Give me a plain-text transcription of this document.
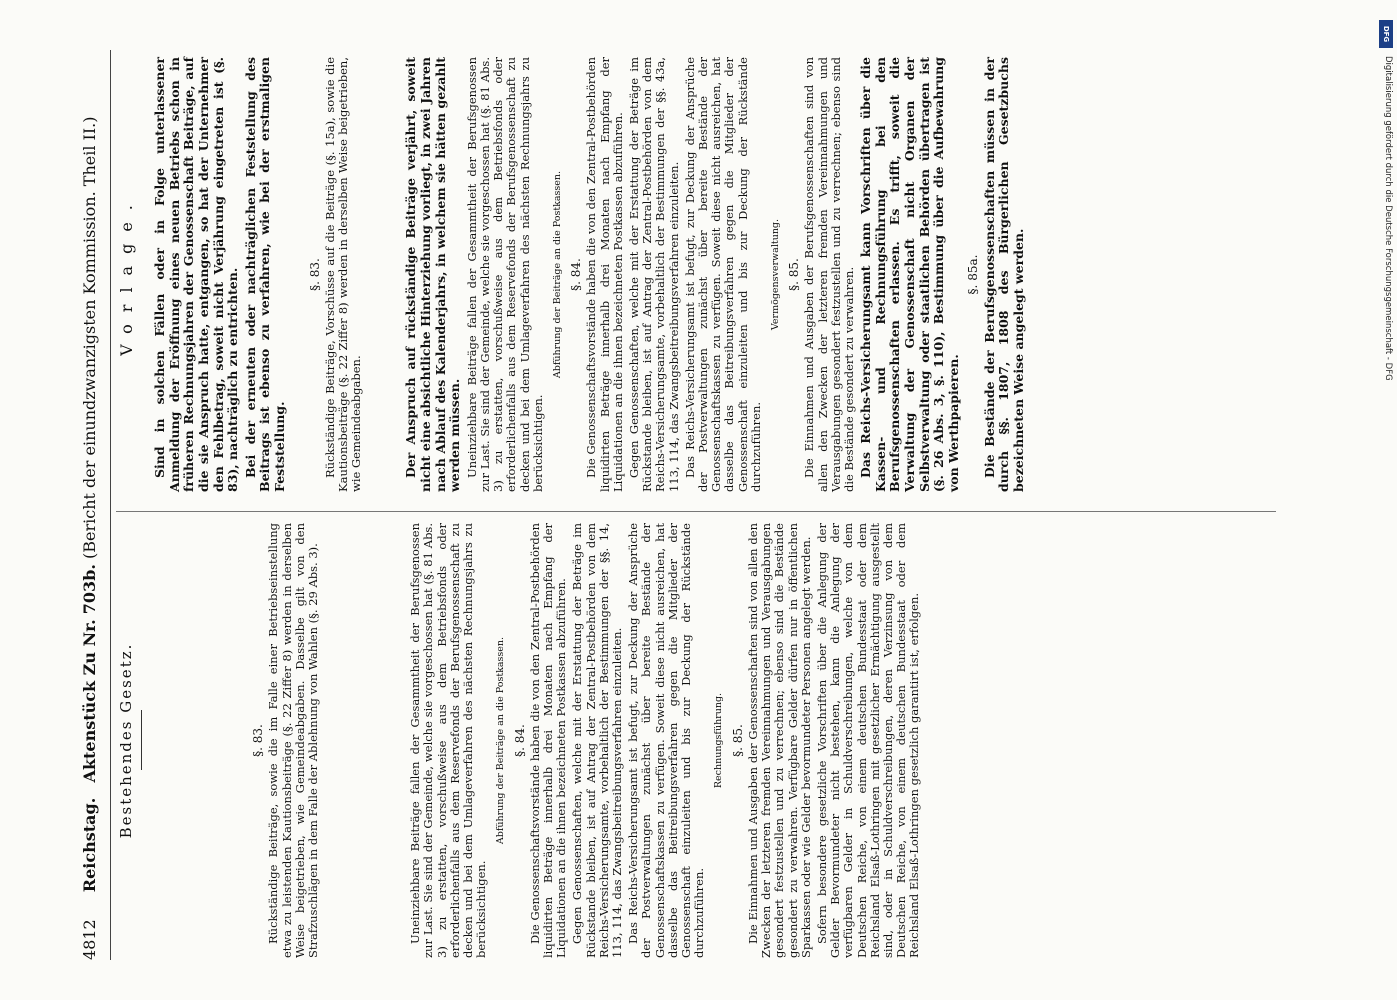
4812 Reichstag.   Aktenstück Zu Nr. 703b. (Bericht der einundzwanzigsten Kommission. Theil II.)
Bestehendes Gesetz.	§. 83. Rückständige Beiträge, sowie die im Falle einer Betriebseinstellung etwa zu leistenden Kautionsbeiträge (§. 22 Ziffer 8) werden in derselben Weise beigetrieben, wie Gemeindeabgaben. Dasselbe gilt von den Strafzuschlägen in dem Falle der Ablehnung von Wahlen (§. 29 Abs. 3).	Uneinziehbare Beiträge fallen der Gesammtheit der Berufsgenossen zur Last. Sie sind der Gemeinde, welche sie vorgeschossen hat (§. 81 Abs. 3) zu erstatten, vorschußweise aus dem Betriebsfonds oder erforderlichenfalls aus dem Reservefonds der Berufsgenossenschaft zu decken und bei dem Umlageverfahren des nächsten Rechnungsjahrs zu berücksichtigen.

Abführung der Beiträge an die Postkassen. §. 84. Die Genossenschaftsvorstände haben die von den Zentral-Postbehörden liquidirten Beträge innerhalb drei Monaten nach Empfang der Liquidationen an die ihnen bezeichneten Postkassen abzuführen. Gegen Genossenschaften, welche mit der Erstattung der Beträge im Rückstande bleiben, ist auf Antrag der Zentral-Postbehörden von dem Reichs-Versicherungsamte, vorbehaltlich der Bestimmungen der §§. 14, 113, 114, das Zwangsbeitreibungsverfahren einzuleiten. Das Reichs-Versicherungsamt ist befugt, zur Deckung der Ansprüche der Postverwaltungen zunächst über bereite Bestände der Genossenschaftskassen zu verfügen. Soweit diese nicht ausreichen, hat dasselbe das Beitreibungsverfahren gegen die Mitglieder der Genossenschaft einzuleiten und bis zur Deckung der Rückstände durchzuführen.

Rechnungsführung. §. 85. Die Einnahmen und Ausgaben der Genossenschaften sind von allen den Zwecken der letzteren fremden Vereinnahmungen und Verausgabungen gesondert festzustellen und zu verrechnen; ebenso sind die Bestände gesondert zu verwahren. Verfügbare Gelder dürfen nur in öffentlichen Sparkassen oder wie Gelder bevormundeter Personen angelegt werden. Sofern besondere gesetzliche Vorschriften über die Anlegung der Gelder Bevormundeter nicht bestehen, kann die Anlegung der verfügbaren Gelder in Schuldverschreibungen, welche von dem Deutschen Reiche, von einem deutschen Bundesstaat oder dem Reichsland Elsaß-Lothringen mit gesetzlicher Ermächtigung ausgestellt sind, oder in Schuldverschreibungen, deren Verzinsung von dem Deutschen Reiche, von einem deutschen Bundesstaat oder dem Reichsland Elsaß-Lothringen gesetzlich garantirt ist, erfolgen.

Vorlage. Sind in solchen Fällen oder in Folge unterlassener Anmeldung der Eröffnung eines neuen Betriebs schon in früheren Rechnungsjahren der Genossenschaft Beiträge, auf die sie Anspruch hatte, entgangen, so hat der Unternehmer den Fehlbetrag, soweit nicht Verjährung eingetreten ist (§. 83), nachträglich zu entrichten. Bei der erneuten oder nachträglichen Feststellung des Beitrags ist ebenso zu verfahren, wie bei der erstmaligen Feststellung.

§. 83. Rückständige Beiträge, Vorschüsse auf die Beiträge (§. 15a), sowie die Kautionsbeiträge (§. 22 Ziffer 8) werden in derselben Weise beigetrieben, wie Gemeindeabgaben.	Der Anspruch auf rückständige Beiträge verjährt, soweit nicht eine absichtliche Hinterziehung vorliegt, in zwei Jahren nach Ablauf des Kalenderjahrs, in welchem sie hätten gezahlt werden müssen. Uneinziehbare Beiträge fallen der Gesammtheit der Berufsgenossen zur Last. Sie sind der Gemeinde, welche sie vorgeschossen hat (§. 81 Abs. 3) zu erstatten, vorschußweise aus dem Betriebsfonds oder erforderlichenfalls aus dem Reservefonds der Berufsgenossenschaft zu decken und bei dem Umlageverfahren des nächsten Rechnungsjahrs zu berücksichtigen.

Abführung der Beiträge an die Postkassen. §. 84. Die Genossenschaftsvorstände haben die von den Zentral-Postbehörden liquidirten Beträge innerhalb drei Monaten nach Empfang der Liquidationen an die ihnen bezeichneten Postkassen abzuführen. Gegen Genossenschaften, welche mit der Erstattung der Beträge im Rückstande bleiben, ist auf Antrag der Zentral-Postbehörden von dem Reichs-Versicherungsamte, vorbehaltlich der Bestimmungen der §§. 43a, 113, 114, das Zwangsbeitreibungsverfahren einzuleiten. Das Reichs-Versicherungsamt ist befugt, zur Deckung der Ansprüche der Postverwaltungen zunächst über bereite Bestände der Genossenschaftskassen zu verfügen. Soweit diese nicht ausreichen, hat dasselbe das Beitreibungsverfahren gegen die Mitglieder der Genossenschaft einzuleiten und bis zur Deckung der Rückstände durchzuführen.

Vermögensverwaltung. §. 85. Die Einnahmen und Ausgaben der Berufsgenossenschaften sind von allen den Zwecken der letzteren fremden Vereinnahmungen und Verausgabungen gesondert festzustellen und zu verrechnen; ebenso sind die Bestände gesondert zu verwahren. Das Reichs-Versicherungsamt kann Vorschriften über die Kassen- und Rechnungsführung bei den Berufsgenossenschaften erlassen. Es trifft, soweit die Verwaltung der Genossenschaft nicht Organen der Selbstverwaltung oder staatlichen Behörden übertragen ist (§. 26 Abs. 3, §. 110), Bestimmung über die Aufbewahrung von Werthpapieren.

§. 85a. Die Bestände der Berufsgenossenschaften müssen in der durch §§. 1807, 1808 des Bürgerlichen Gesetzbuchs bezeichneten Weise angelegt werden.

DFG
Digitalisierung gefördert durch die Deutsche Forschungsgemeinschaft - DFG
